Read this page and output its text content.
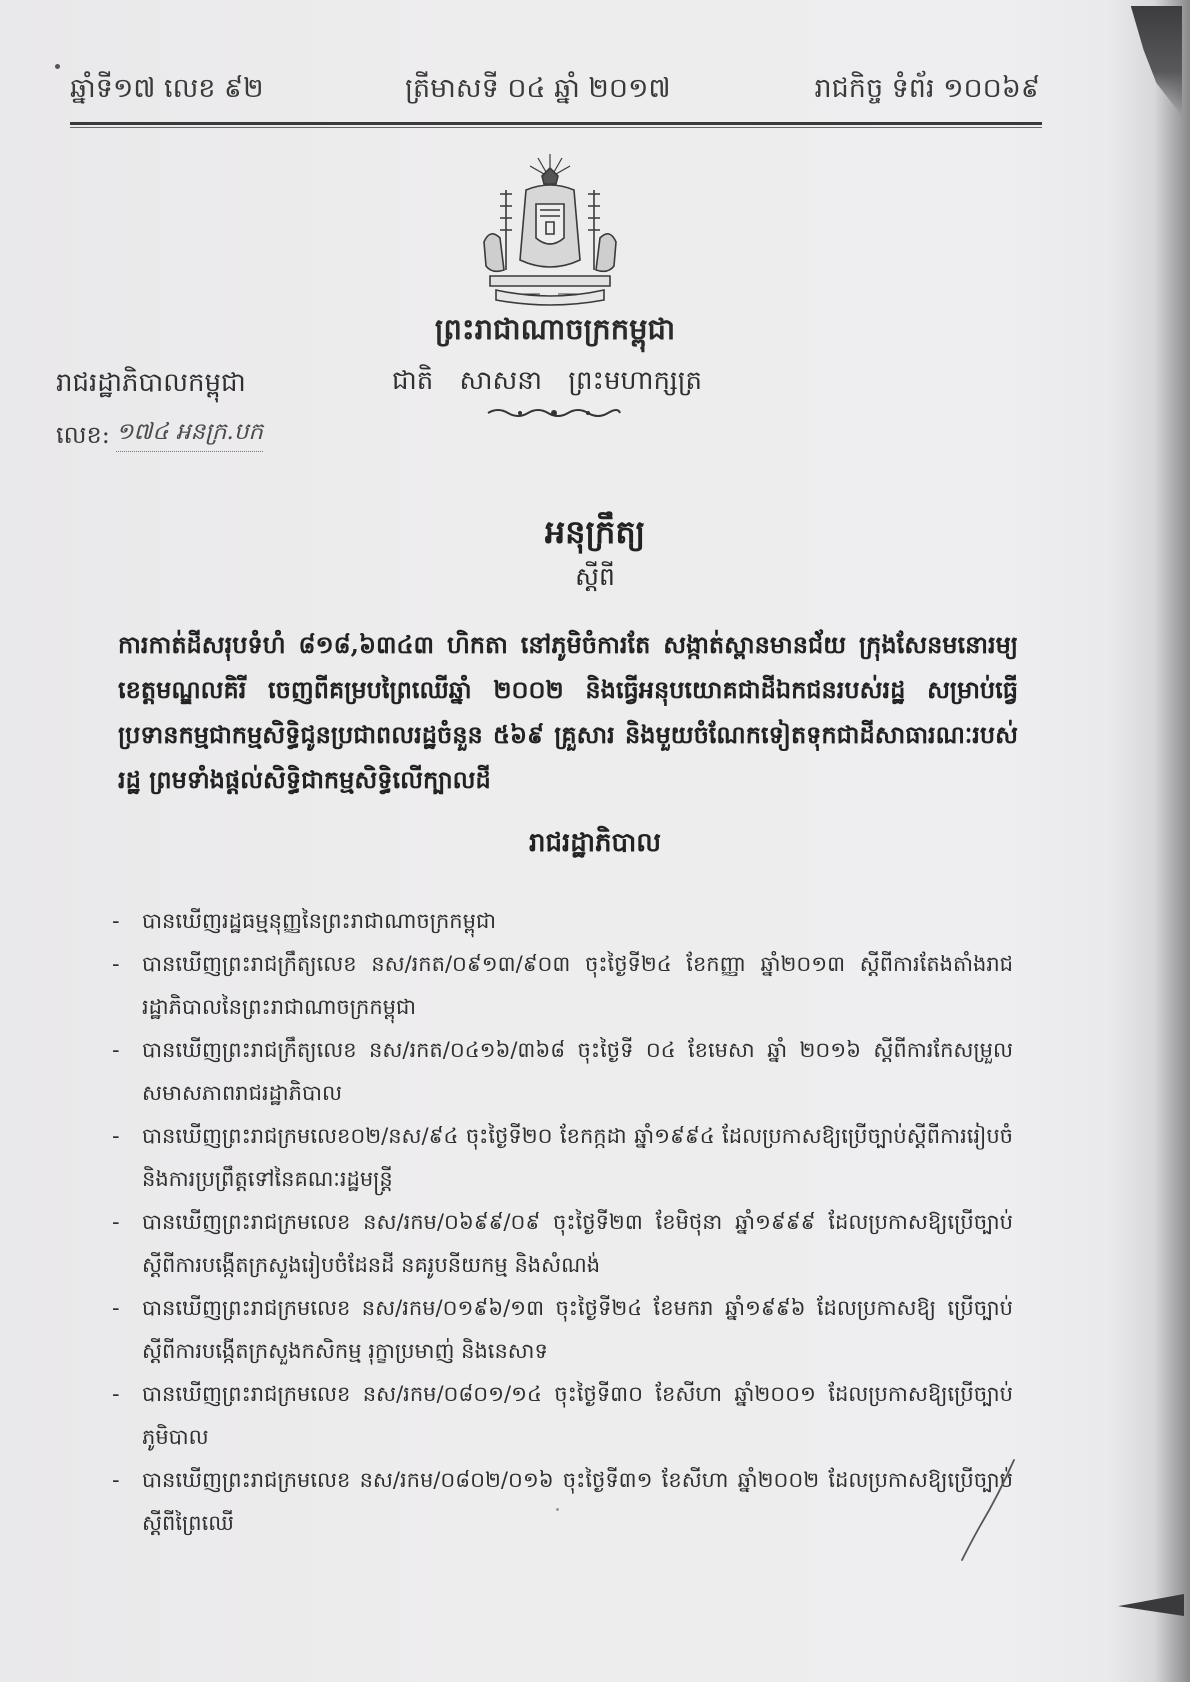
ឆ្នាំទី១៧ លេខ ៩២	ត្រីមាសទី ០៤ ឆ្នាំ ២០១៧	រាជកិច្ច ទំព័រ ១០០៦៩
ព្រះរាជាណាចក្រកម្ពុជា
ជាតិ សាសនា ព្រះមហាក្សត្រ
រាជរដ្ឋាភិបាលកម្ពុជា
លេខ: ១៧៤ អនក្រ.បក
អនុក្រឹត្យ
ស្តីពី
ការកាត់ដីសរុបទំហំ ៨១៨,៦៣៤៣ ហិកតា នៅភូមិចំការតែ សង្កាត់ស្ពានមានជ័យ ក្រុងសែនមនោរម្យ ខេត្តមណ្ឌលគិរី ចេញពីគម្របព្រៃឈើឆ្នាំ ២០០២ និងធ្វើអនុបយោគជាដីឯកជនរបស់រដ្ឋ សម្រាប់ធ្វើប្រទានកម្មជាកម្មសិទ្ធិជូនប្រជាពលរដ្ឋចំនួន ៥៦៩ គ្រួសារ និងមួយចំណែកទៀតទុកជាដីសាធារណៈរបស់រដ្ឋ ព្រមទាំងផ្តល់សិទ្ធិជាកម្មសិទ្ធិលើក្បាលដី
រាជរដ្ឋាភិបាល
- បានឃើញរដ្ឋធម្មនុញ្ញនៃព្រះរាជាណាចក្រកម្ពុជា
- បានឃើញព្រះរាជក្រឹត្យលេខ នស/រកត/០៩១៣/៩០៣ ចុះថ្ងៃទី២៤ ខែកញ្ញា ឆ្នាំ២០១៣ ស្តីពីការតែងតាំងរាជរដ្ឋាភិបាលនៃព្រះរាជាណាចក្រកម្ពុជា
- បានឃើញព្រះរាជក្រឹត្យលេខ នស/រកត/០៤១៦/៣៦៨ ចុះថ្ងៃទី ០៤ ខែមេសា ឆ្នាំ ២០១៦ ស្តីពីការកែសម្រួលសមាសភាពរាជរដ្ឋាភិបាល
- បានឃើញព្រះរាជក្រមលេខ០២/នស/៩៤ ចុះថ្ងៃទី២០ ខែកក្កដា ឆ្នាំ១៩៩៤ ដែលប្រកាសឱ្យប្រើច្បាប់ស្តីពីការរៀបចំនិងការប្រព្រឹត្តទៅនៃគណៈរដ្ឋមន្ត្រី
- បានឃើញព្រះរាជក្រមលេខ នស/រកម/០៦៩៩/០៩ ចុះថ្ងៃទី២៣ ខែមិថុនា ឆ្នាំ១៩៩៩ ដែលប្រកាសឱ្យប្រើច្បាប់ស្តីពីការបង្កើតក្រសួងរៀបចំដែនដី នគរូបនីយកម្ម និងសំណង់
- បានឃើញព្រះរាជក្រមលេខ នស/រកម/០១៩៦/១៣ ចុះថ្ងៃទី២៤ ខែមករា ឆ្នាំ១៩៩៦ ដែលប្រកាសឱ្យ ប្រើច្បាប់ ស្តីពីការបង្កើតក្រសួងកសិកម្ម រុក្ខាប្រមាញ់ និងនេសាទ
- បានឃើញព្រះរាជក្រមលេខ នស/រកម/០៨០១/១៤ ចុះថ្ងៃទី៣០ ខែសីហា ឆ្នាំ២០០១ ដែលប្រកាសឱ្យប្រើច្បាប់ភូមិបាល
- បានឃើញព្រះរាជក្រមលេខ នស/រកម/០៨០២/០១៦ ចុះថ្ងៃទី៣១ ខែសីហា ឆ្នាំ២០០២ ដែលប្រកាសឱ្យប្រើច្បាប់ស្តីពីព្រៃឈើ
